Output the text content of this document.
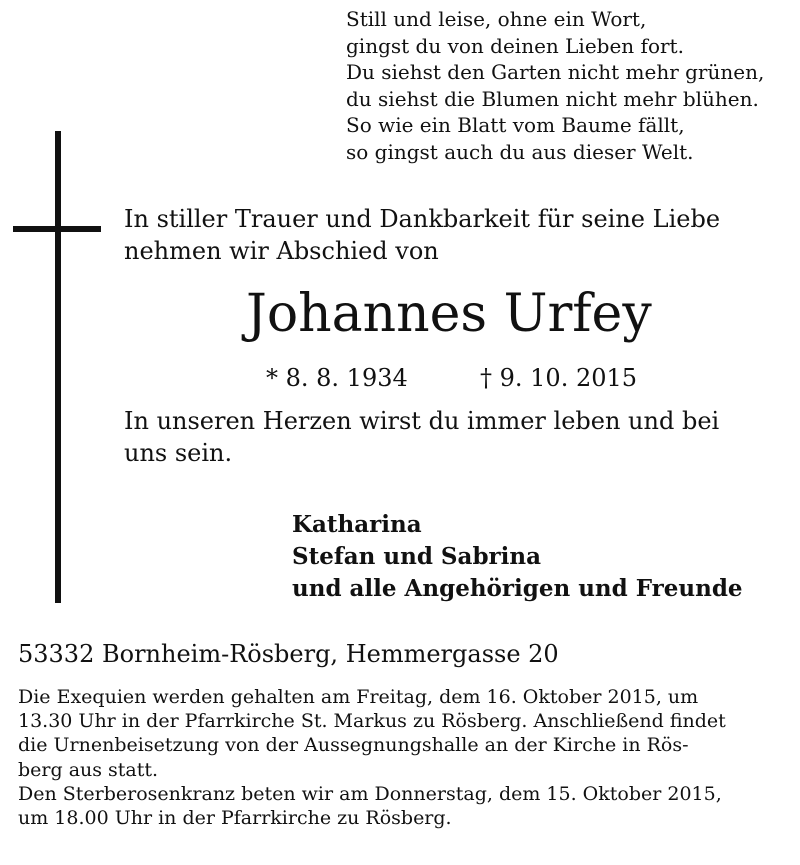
Still und leise, ohne ein Wort,
gingst du von deinen Lieben fort.
Du siehst den Garten nicht mehr grünen,
du siehst die Blumen nicht mehr blühen.
So wie ein Blatt vom Baume fällt,
so gingst auch du aus dieser Welt.
In stiller Trauer und Dankbarkeit für seine Liebe
nehmen wir Abschied von
Johannes Urfey
* 8. 8. 1934	† 9. 10. 2015
In unseren Herzen wirst du immer leben und bei
uns sein.
Katharina
Stefan und Sabrina
und alle Angehörigen und Freunde
53332 Bornheim-Rösberg, Hemmergasse 20
Die Exequien werden gehalten am Freitag, dem 16. Oktober 2015, um
13.30 Uhr in der Pfarrkirche St. Markus zu Rösberg. Anschließend findet
die Urnenbeisetzung von der Aussegnungshalle an der Kirche in Rös-
berg aus statt.
Den Sterberosenkranz beten wir am Donnerstag, dem 15. Oktober 2015,
um 18.00 Uhr in der Pfarrkirche zu Rösberg.
